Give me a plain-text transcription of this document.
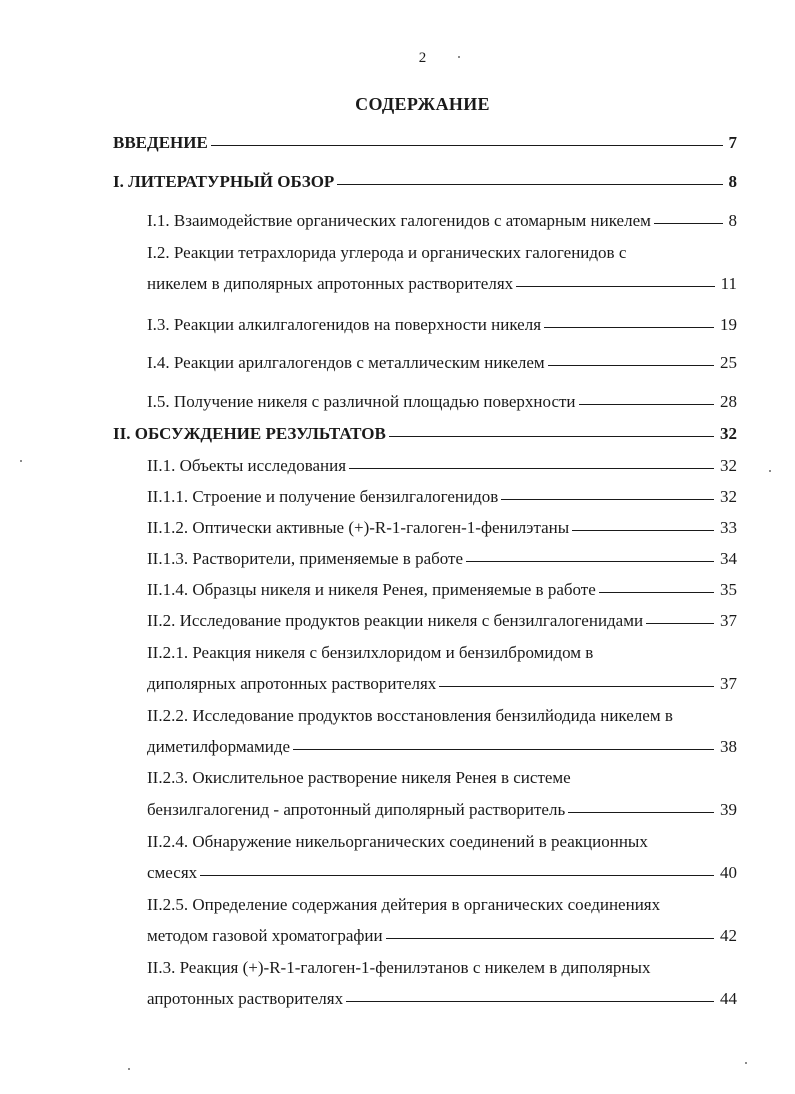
2
СОДЕРЖАНИЕ
ВВЕДЕНИЕ	7
I. ЛИТЕРАТУРНЫЙ ОБЗОР	8
I.1. Взаимодействие органических галогенидов с атомарным никелем	8
I.2. Реакции тетрахлорида углерода и органических галогенидов с
никелем в диполярных апротонных растворителях	11
I.3. Реакции алкилгалогенидов на поверхности никеля	19
I.4. Реакции арилгалогендов с металлическим никелем	25
I.5. Получение никеля с различной площадью поверхности	28
II. ОБСУЖДЕНИЕ РЕЗУЛЬТАТОВ	32
II.1. Объекты исследования	32
II.1.1. Строение и получение бензилгалогенидов	32
II.1.2. Оптически активные (+)-R-1-галоген-1-фенилэтаны	33
II.1.3. Растворители, применяемые в работе	34
II.1.4. Образцы никеля и никеля Ренея, применяемые в работе	35
II.2. Исследование продуктов реакции никеля с бензилгалогенидами	37
II.2.1. Реакция никеля с бензилхлоридом и бензилбромидом в
диполярных апротонных растворителях	37
II.2.2. Исследование продуктов восстановления бензилйодида никелем в
диметилформамиде	38
II.2.3. Окислительное растворение никеля Ренея в системе
бензилгалогенид - апротонный диполярный растворитель	39
II.2.4. Обнаружение никельорганических соединений в реакционных
смесях	40
II.2.5. Определение содержания дейтерия в органических соединениях
методом газовой хроматографии	42
II.3. Реакция (+)-R-1-галоген-1-фенилэтанов с никелем в диполярных
апротонных растворителях	44
